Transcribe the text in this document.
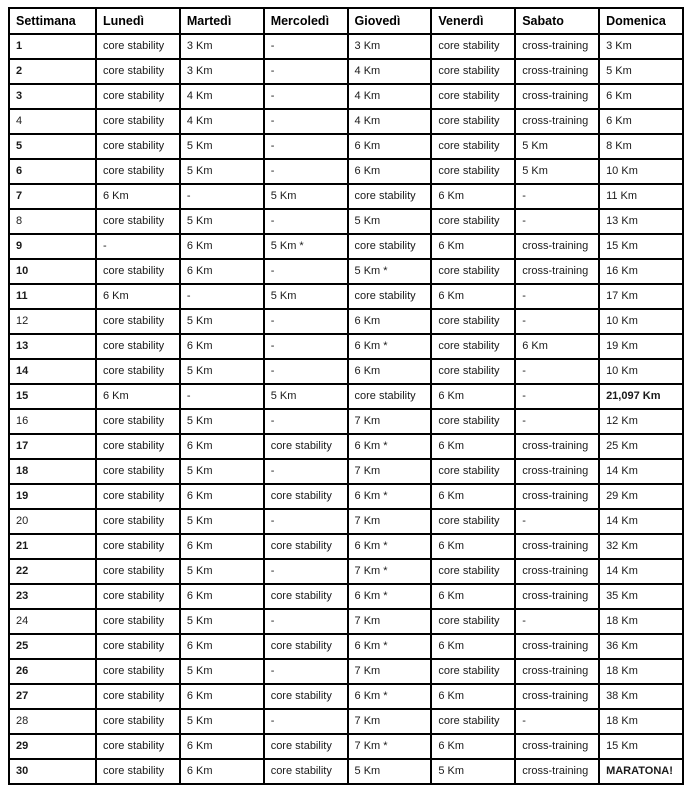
Settimana	Lunedì	Martedì	Mercoledì	Giovedì	Venerdì	Sabato	Domenica
1	core stability	3 Km	-	3 Km	core stability	cross-training	3 Km
2	core stability	3 Km	-	4 Km	core stability	cross-training	5 Km
3	core stability	4 Km	-	4 Km	core stability	cross-training	6 Km
4	core stability	4 Km	-	4 Km	core stability	cross-training	6 Km
5	core stability	5 Km	-	6 Km	core stability	5 Km	8 Km
6	core stability	5 Km	-	6 Km	core stability	5 Km	10 Km
7	6 Km	-	5 Km	core stability	6 Km	-	11 Km
8	core stability	5 Km	-	5 Km	core stability	-	13 Km
9	-	6 Km	5 Km *	core stability	6 Km	cross-training	15 Km
10	core stability	6 Km	-	5 Km *	core stability	cross-training	16 Km
11	6 Km	-	5 Km	core stability	6 Km	-	17 Km
12	core stability	5 Km	-	6 Km	core stability	-	10 Km
13	core stability	6 Km	-	6 Km *	core stability	6 Km	19 Km
14	core stability	5 Km	-	6 Km	core stability	-	10 Km
15	6 Km	-	5 Km	core stability	6 Km	-	21,097 Km
16	core stability	5 Km	-	7 Km	core stability	-	12 Km
17	core stability	6 Km	core stability	6 Km *	6 Km	cross-training	25 Km
18	core stability	5 Km	-	7 Km	core stability	cross-training	14 Km
19	core stability	6 Km	core stability	6 Km *	6 Km	cross-training	29 Km
20	core stability	5 Km	-	7 Km	core stability	-	14 Km
21	core stability	6 Km	core stability	6 Km *	6 Km	cross-training	32 Km
22	core stability	5 Km	-	7 Km *	core stability	cross-training	14 Km
23	core stability	6 Km	core stability	6 Km *	6 Km	cross-training	35 Km
24	core stability	5 Km	-	7 Km	core stability	-	18 Km
25	core stability	6 Km	core stability	6 Km *	6 Km	cross-training	36 Km
26	core stability	5 Km	-	7 Km	core stability	cross-training	18 Km
27	core stability	6 Km	core stability	6 Km *	6 Km	cross-training	38 Km
28	core stability	5 Km	-	7 Km	core stability	-	18 Km
29	core stability	6 Km	core stability	7 Km *	6 Km	cross-training	15 Km
30	core stability	6 Km	core stability	5 Km	5 Km	cross-training	MARATONA!
